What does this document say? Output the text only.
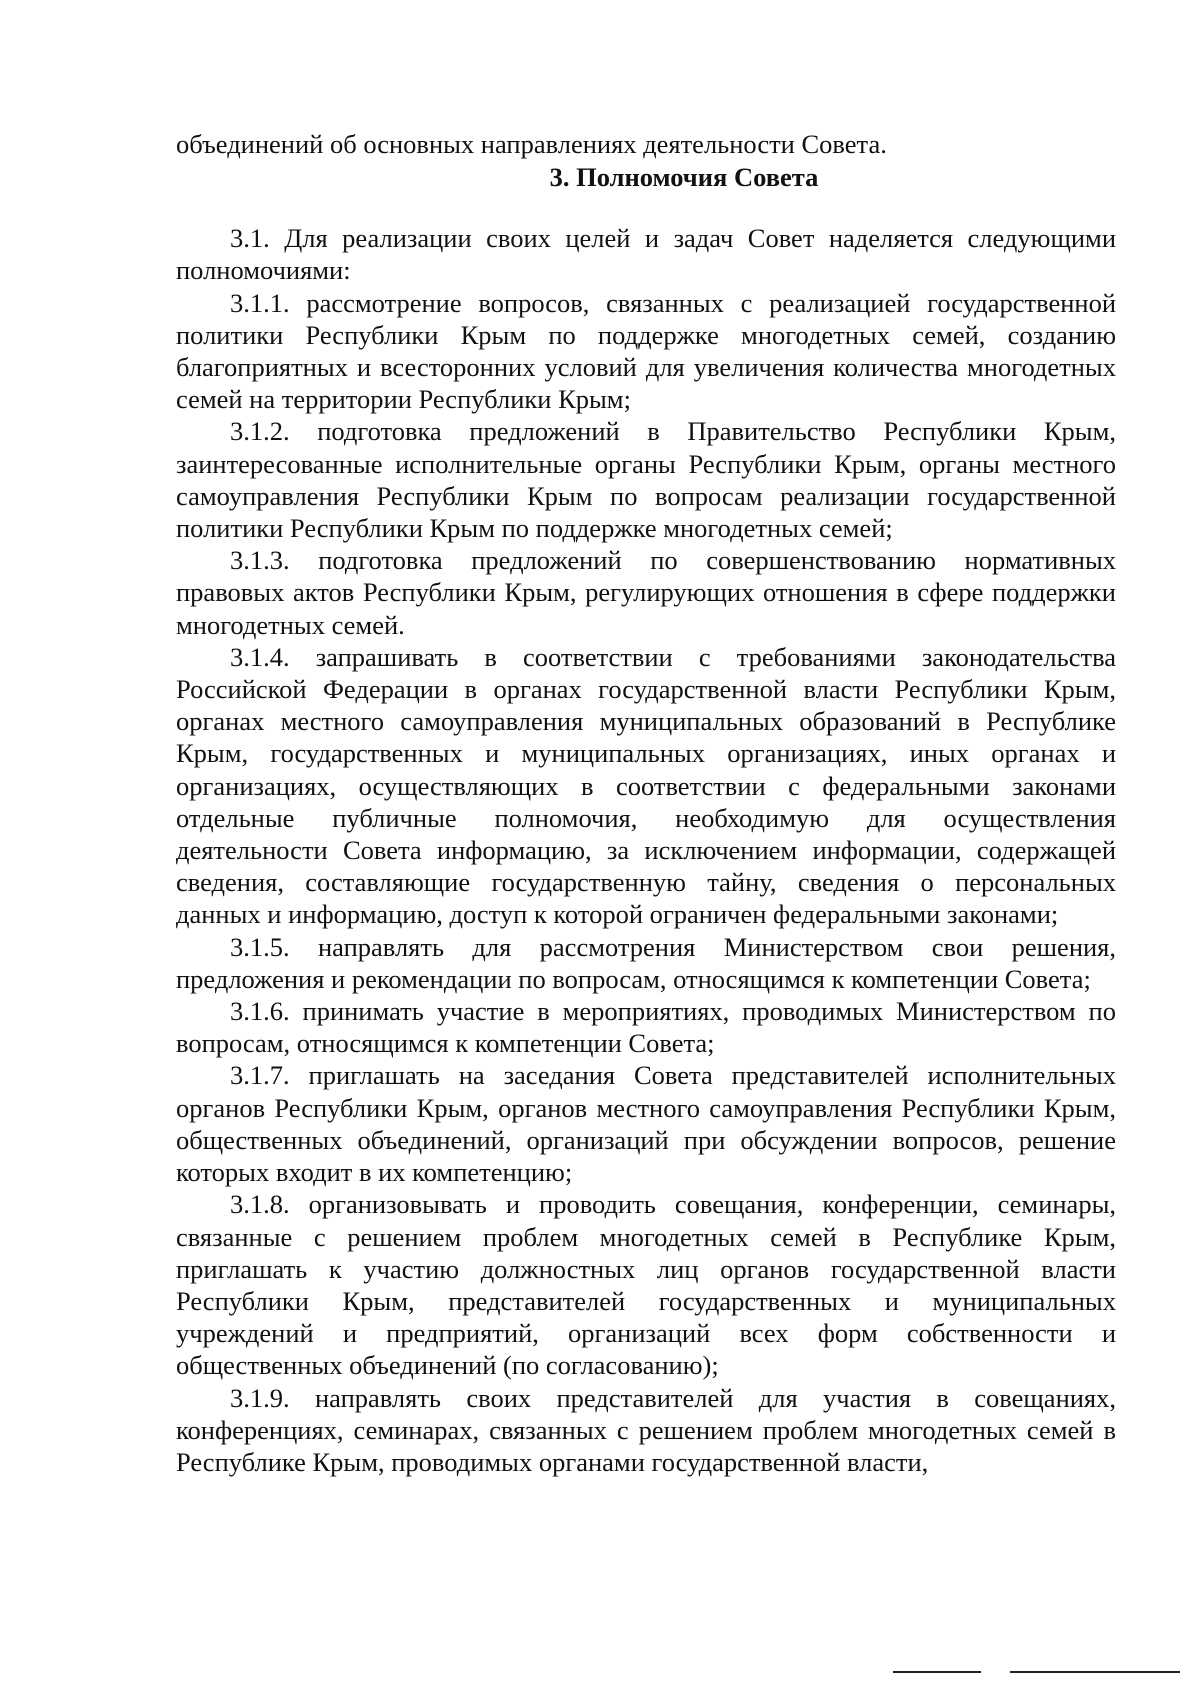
объединений об основных направлениях деятельности Совета.

3. Полномочия Совета

3.1. Для реализации своих целей и задач Совет наделяется следующими полномочиями:

3.1.1. рассмотрение вопросов, связанных с реализацией государственной политики Республики Крым по поддержке многодетных семей, созданию благоприятных и всесторонних условий для увеличения количества многодетных семей на территории Республики Крым;

3.1.2. подготовка предложений в Правительство Республики Крым, заинтересованные исполнительные органы Республики Крым, органы местного самоуправления Республики Крым по вопросам реализации государственной политики Республики Крым по поддержке многодетных семей;

3.1.3. подготовка предложений по совершенствованию нормативных правовых актов Республики Крым, регулирующих отношения в сфере поддержки многодетных семей.

3.1.4. запрашивать в соответствии с требованиями законодательства Российской Федерации в органах государственной власти Республики Крым, органах местного самоуправления муниципальных образований в Республике Крым, государственных и муниципальных организациях, иных органах и организациях, осуществляющих в соответствии с федеральными законами отдельные публичные полномочия, необходимую для осуществления деятельности Совета информацию, за исключением информации, содержащей сведения, составляющие государственную тайну, сведения о персональных данных и информацию, доступ к которой ограничен федеральными законами;

3.1.5. направлять для рассмотрения Министерством свои решения, предложения и рекомендации по вопросам, относящимся к компетенции Совета;

3.1.6. принимать участие в мероприятиях, проводимых Министерством по вопросам, относящимся к компетенции Совета;

3.1.7. приглашать на заседания Совета представителей исполнительных органов Республики Крым, органов местного самоуправления Республики Крым, общественных объединений, организаций при обсуждении вопросов, решение которых входит в их компетенцию;

3.1.8. организовывать и проводить совещания, конференции, семинары, связанные с решением проблем многодетных семей в Республике Крым, приглашать к участию должностных лиц органов государственной власти Республики Крым, представителей государственных и муниципальных учреждений и предприятий, организаций всех форм собственности и общественных объединений (по согласованию);

3.1.9. направлять своих представителей для участия в совещаниях, конференциях, семинарах, связанных с решением проблем многодетных семей в Республике Крым, проводимых органами государственной власти,
